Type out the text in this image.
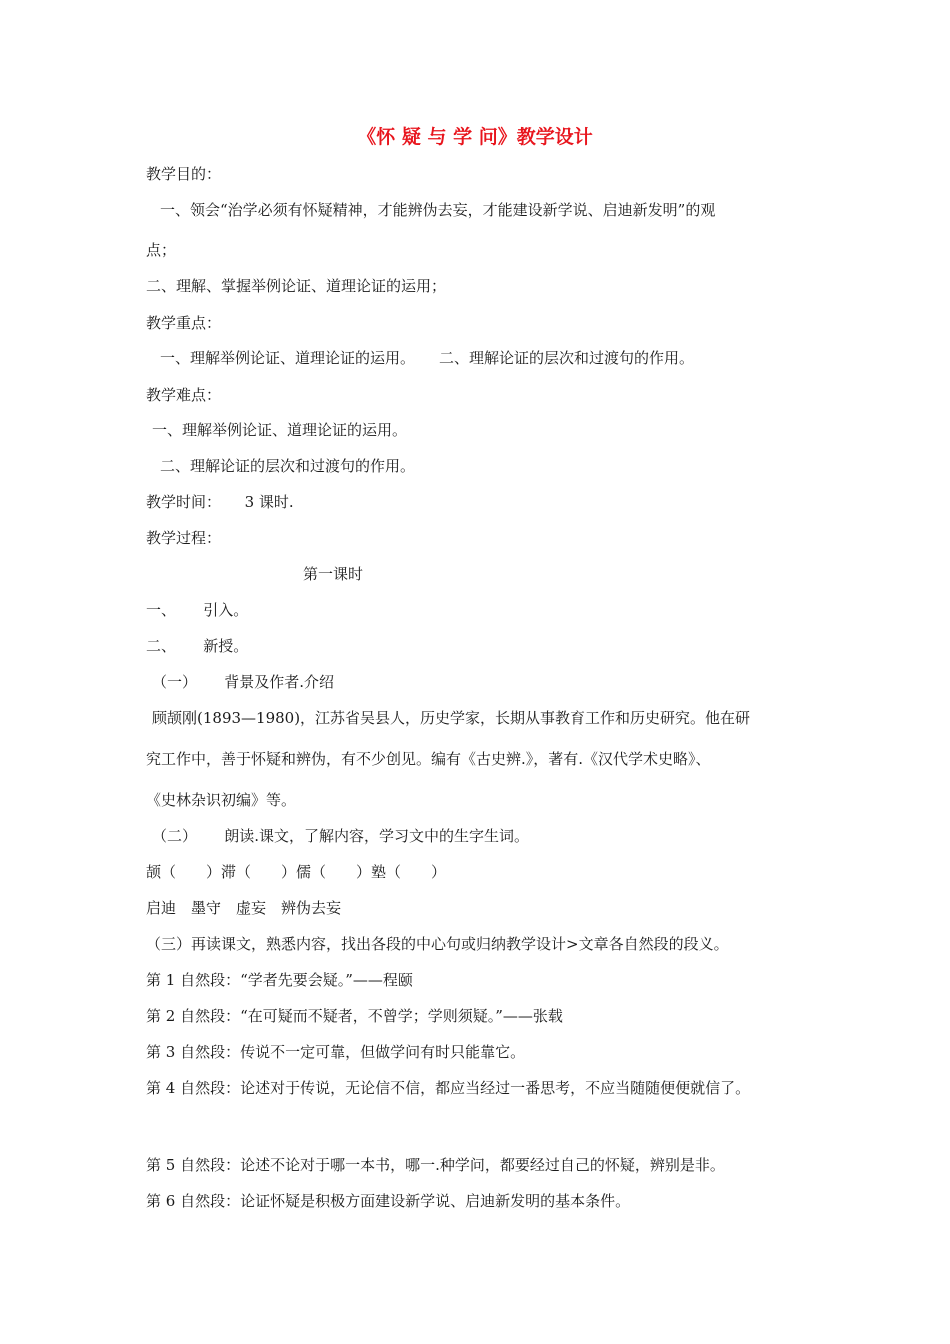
《怀 疑 与 学 问》教学设计
教学目的：
一、领会“治学必须有怀疑精神，才能辨伪去妄，才能建设新学说、启迪新发明”的观
点；
二、理解、掌握举例论证、道理论证的运用；
教学重点：
一、理解举例论证、道理论证的运用。 二、理解论证的层次和过渡句的作用。
教学难点：
一、理解举例论证、道理论证的运用。
二、理解论证的层次和过渡句的作用。
教学时间： 3 课时.
教学过程：
第一课时
一、　　 引入。
二、　　 新授。
（一）　　 背景及作者.介绍
顾颉刚(1893—1980)，江苏省吴县人，历史学家，长期从事教育工作和历史研究。他在研
究工作中，善于怀疑和辨伪，有不少创见。编有《古史辨.》，著有.《汉代学术史略》、
《史林杂识初编》等。
（二）　　 朗读.课文，了解内容，学习文中的生字生词。
颉（　　）滞（　　）儒（　　）塾（　　）
启迪　墨守　虚妄　辨伪去妄
（三）再读课文，熟悉内容，找出各段的中心句或归纳教学设计>文章各自然段的段义。
第 1 自然段：“学者先要会疑。”——程颐
第 2 自然段：“在可疑而不疑者，不曾学；学则须疑。”——张载
第 3 自然段：传说不一定可靠，但做学问有时只能靠它。
第 4 自然段：论述对于传说，无论信不信，都应当经过一番思考，不应当随随便便就信了。
第 5 自然段：论述不论对于哪一本书，哪一.种学问，都要经过自己的怀疑，辨别是非。
第 6 自然段：论证怀疑是积极方面建设新学说、启迪新发明的基本条件。
